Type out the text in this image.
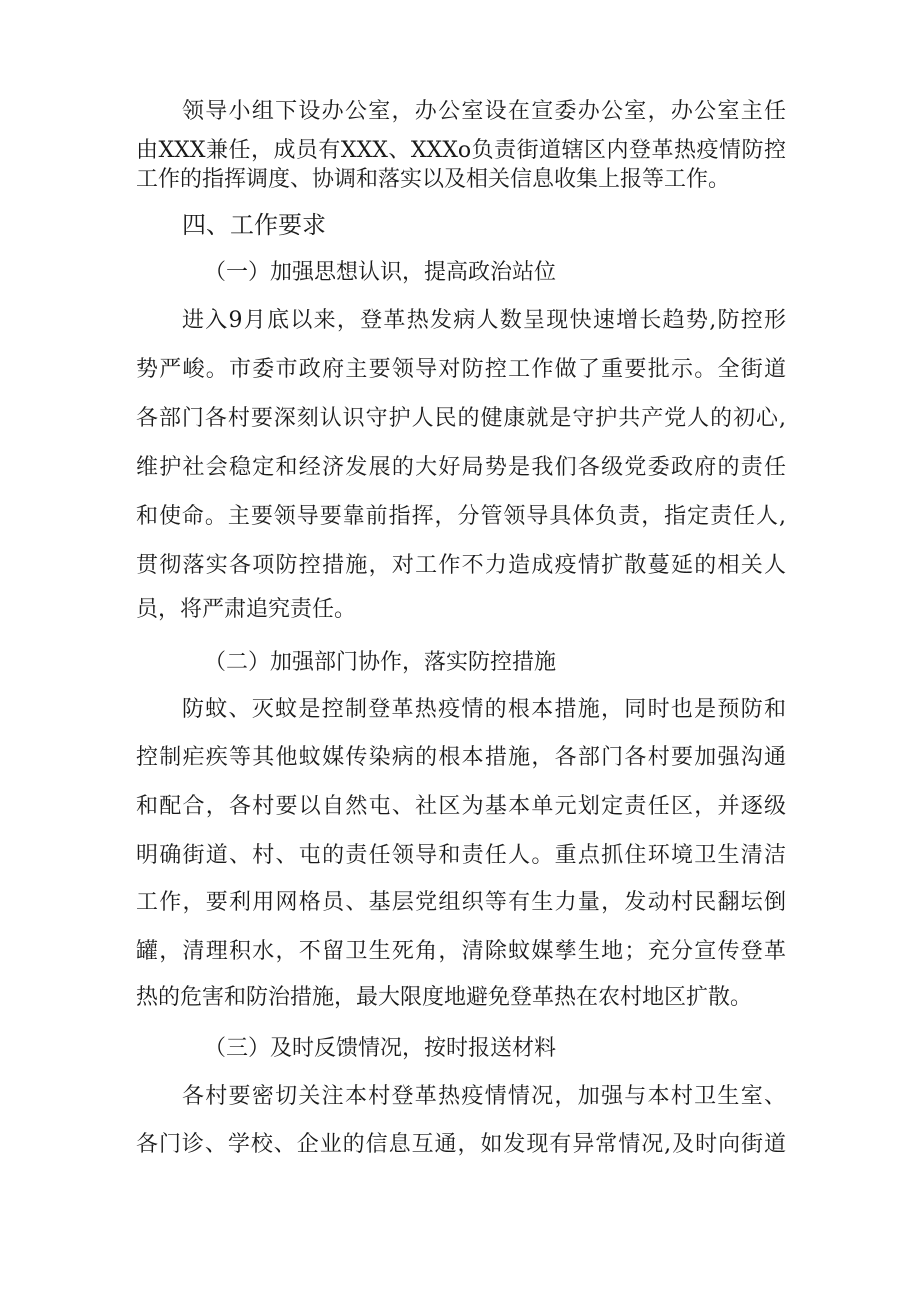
领导小组下设办公室，办公室设在宣委办公室，办公室主任
由XXX兼任，成员有XXX、XXXo负责街道辖区内登革热疫情防控
工作的指挥调度、协调和落实以及相关信息收集上报等工作。
四、工作要求
（一）加强思想认识，提高政治站位
进入9月底以来，登革热发病人数呈现快速增长趋势,防控形
势严峻。市委市政府主要领导对防控工作做了重要批示。全街道
各部门各村要深刻认识守护人民的健康就是守护共产党人的初心,
维护社会稳定和经济发展的大好局势是我们各级党委政府的责任
和使命。主要领导要靠前指挥，分管领导具体负责，指定责任人,
贯彻落实各项防控措施，对工作不力造成疫情扩散蔓延的相关人
员，将严肃追究责任。
（二）加强部门协作，落实防控措施
防蚊、灭蚊是控制登革热疫情的根本措施，同时也是预防和
控制疟疾等其他蚊媒传染病的根本措施，各部门各村要加强沟通
和配合，各村要以自然屯、社区为基本单元划定责任区，并逐级
明确街道、村、屯的责任领导和责任人。重点抓住环境卫生清洁
工作，要利用网格员、基层党组织等有生力量，发动村民翻坛倒
罐，清理积水，不留卫生死角，清除蚊媒孳生地；充分宣传登革
热的危害和防治措施，最大限度地避免登革热在农村地区扩散。
（三）及时反馈情况，按时报送材料
各村要密切关注本村登革热疫情情况，加强与本村卫生室、
各门诊、学校、企业的信息互通，如发现有异常情况,及时向街道
